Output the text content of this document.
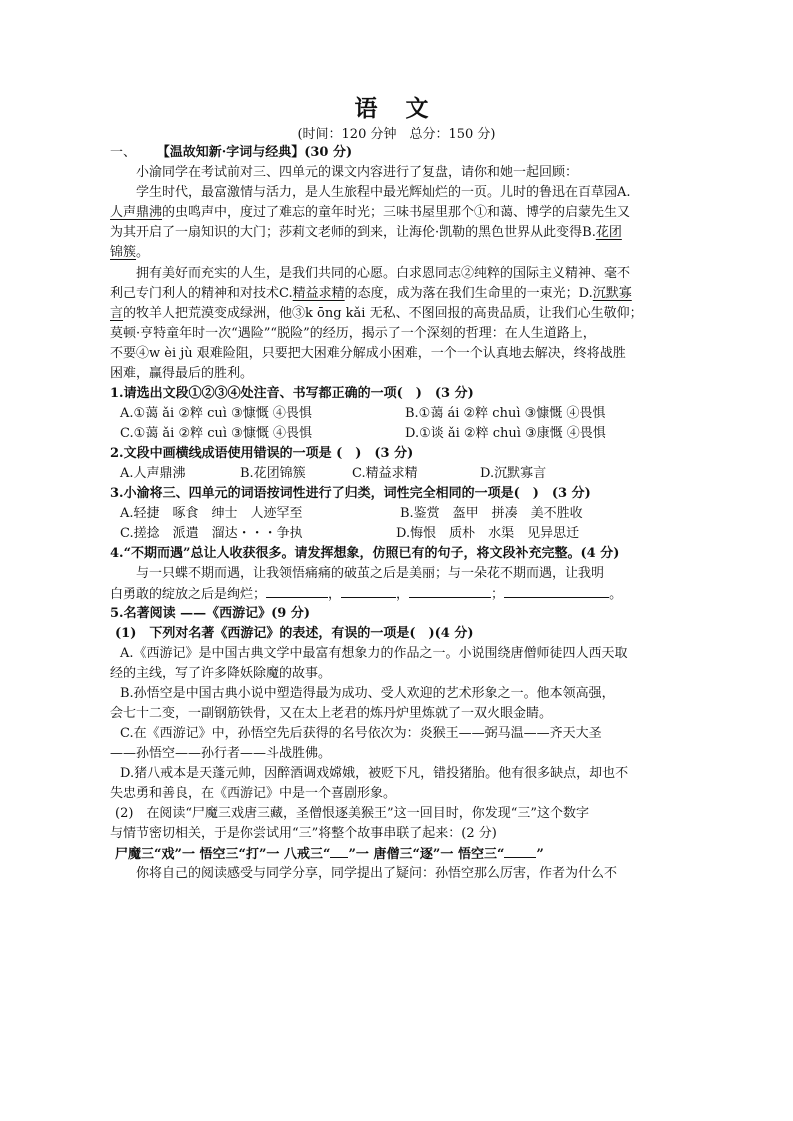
语 文
(时间：120 分钟　总分：150 分)
一、 【温故知新·字词与经典】(30 分)
小渝同学在考试前对三、四单元的课文内容进行了复盘，请你和她一起回顾：
学生时代，最富激情与活力，是人生旅程中最光辉灿烂的一页。儿时的鲁迅在百草园A.
人声鼎沸的虫鸣声中，度过了难忘的童年时光；三味书屋里那个①和蔼、博学的启蒙先生又
为其开启了一扇知识的大门；莎莉文老师的到来，让海伦·凯勒的黑色世界从此变得B.花团
锦簇。
拥有美好而充实的人生，是我们共同的心愿。白求恩同志②纯粹的国际主义精神、毫不
利己专门利人的精神和对技术C.精益求精的态度，成为落在我们生命里的一束光；D.沉默寡
言的牧羊人把荒漠变成绿洲，他③k ōng kǎi 无私、不图回报的高贵品质，让我们心生敬仰；
莫顿·亨特童年时一次“遇险”“脱险”的经历，揭示了一个深刻的哲理：在人生道路上，
不要④w èi jù 艰难险阻，只要把大困难分解成小困难，一个一个认真地去解决，终将战胜
困难，赢得最后的胜利。
1.请选出文段①②③④处注音、书写都正确的一项(　)　(3 分)
A.①蔼 ǎi ②粹 cuì ③慷慨 ④畏惧	B.①蔼 ái ②粹 chuì ③慷慨 ④畏惧
C.①蔼 ǎi ②粹 cuì ③慷慨 ④畏惧	D.①谈 ǎi ②粹 chuì ③康慨 ④畏惧
2.文段中画横线成语使用错误的一项是 (　)　(3 分)
A.人声鼎沸	B.花团锦簇	C.精益求精	D.沉默寡言
3.小渝将三、四单元的词语按词性进行了归类，词性完全相同的一项是(　)　(3 分)
A.轻捷　啄食　绅士　人迹罕至	B.鉴赏　盔甲　拼凑　美不胜收
C.搓捻　派遣　溜达・・・争执	D.悔恨　质朴　水渠　见异思迁
4.“不期而遇”总让人收获很多。请发挥想象，仿照已有的句子，将文段补充完整。(4 分)
与一只蝶不期而遇，让我领悟痛痛的破茧之后是美丽；与一朵花不期而遇，让我明
白勇敢的绽放之后是绚烂；	，	，	；	。
5.名著阅读 ——《西游记》(9 分)
(1)　下列对名著《西游记》的表述，有误的一项是(　)(4 分)
A.《西游记》是中国古典文学中最富有想象力的作品之一。小说围绕唐僧师徒四人西天取
经的主线，写了许多降妖除魔的故事。
B.孙悟空是中国古典小说中塑造得最为成功、受人欢迎的艺术形象之一。他本领高强，
会七十二变，一副钢筋铁骨，又在太上老君的炼丹炉里炼就了一双火眼金睛。
C.在《西游记》中，孙悟空先后获得的名号依次为：炎猴王——弼马温——齐天大圣
——孙悟空——孙行者——斗战胜佛。
D.猪八戒本是天蓬元帅，因醉酒调戏嫦娥，被贬下凡，错投猪胎。他有很多缺点，却也不
失忠勇和善良，在《西游记》中是一个喜剧形象。
(2)　在阅读“尸魔三戏唐三藏，圣僧恨逐美猴王”这一回目时，你发现“三”这个数字
与情节密切相关，于是你尝试用“三”将整个故事串联了起来：(2 分)
尸魔三“戏”一 悟空三“打”一 八戒三“ ”一 唐僧三“逐”一 悟空三“ ”
你将自己的阅读感受与同学分享，同学提出了疑问：孙悟空那么厉害，作者为什么不
